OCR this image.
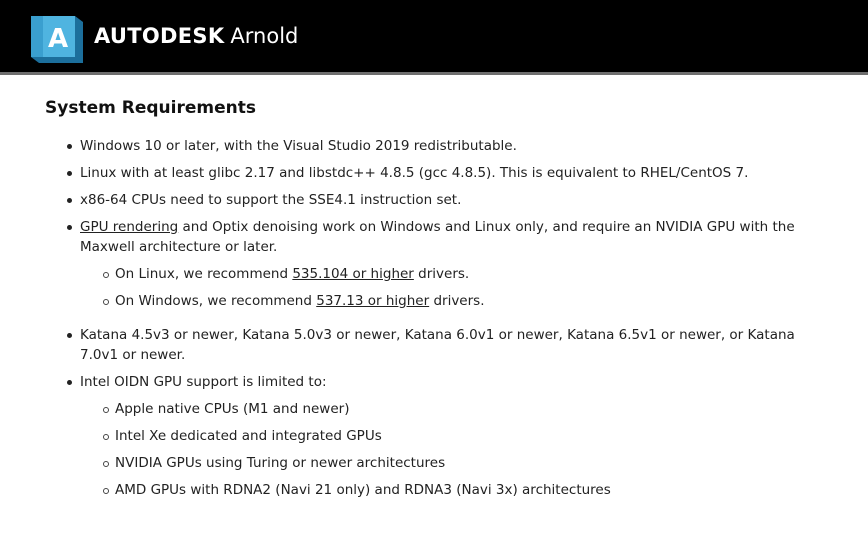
A AUTODESK Arnold
System Requirements
Windows 10 or later, with the Visual Studio 2019 redistributable.
Linux with at least glibc 2.17 and libstdc++ 4.8.5 (gcc 4.8.5). This is equivalent to RHEL/CentOS 7.
x86-64 CPUs need to support the SSE4.1 instruction set.
GPU rendering and Optix denoising work on Windows and Linux only, and require an NVIDIA GPU with the Maxwell architecture or later.
On Linux, we recommend 535.104 or higher drivers.
On Windows, we recommend 537.13 or higher drivers.
Katana 4.5v3 or newer, Katana 5.0v3 or newer, Katana 6.0v1 or newer, Katana 6.5v1 or newer, or Katana 7.0v1 or newer.
Intel OIDN GPU support is limited to:
Apple native CPUs (M1 and newer)
Intel Xe dedicated and integrated GPUs
NVIDIA GPUs using Turing or newer architectures
AMD GPUs with RDNA2 (Navi 21 only) and RDNA3 (Navi 3x) architectures
